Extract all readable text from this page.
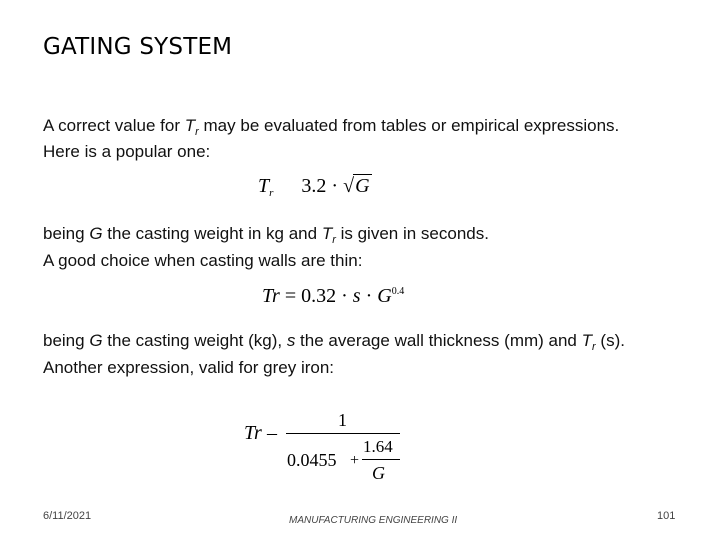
GATING SYSTEM
A correct value for $T_r$ may be evaluated from tables or empirical expressions.
Here is a popular one:
$T_r$ 3.2 · √G
being G the casting weight in kg and $T_r$ is given in seconds.
A good choice when casting walls are thin:
$Tr = 0.32 \cdot s \cdot G^{0.4}$
being G the casting weight (kg), s the average wall thickness (mm) and $T_r$ (s).
Another expression, valid for grey iron:
Tr –
1
0.0455 +
1.64
G
6/11/2021	MANUFACTURING ENGINEERING II	101
